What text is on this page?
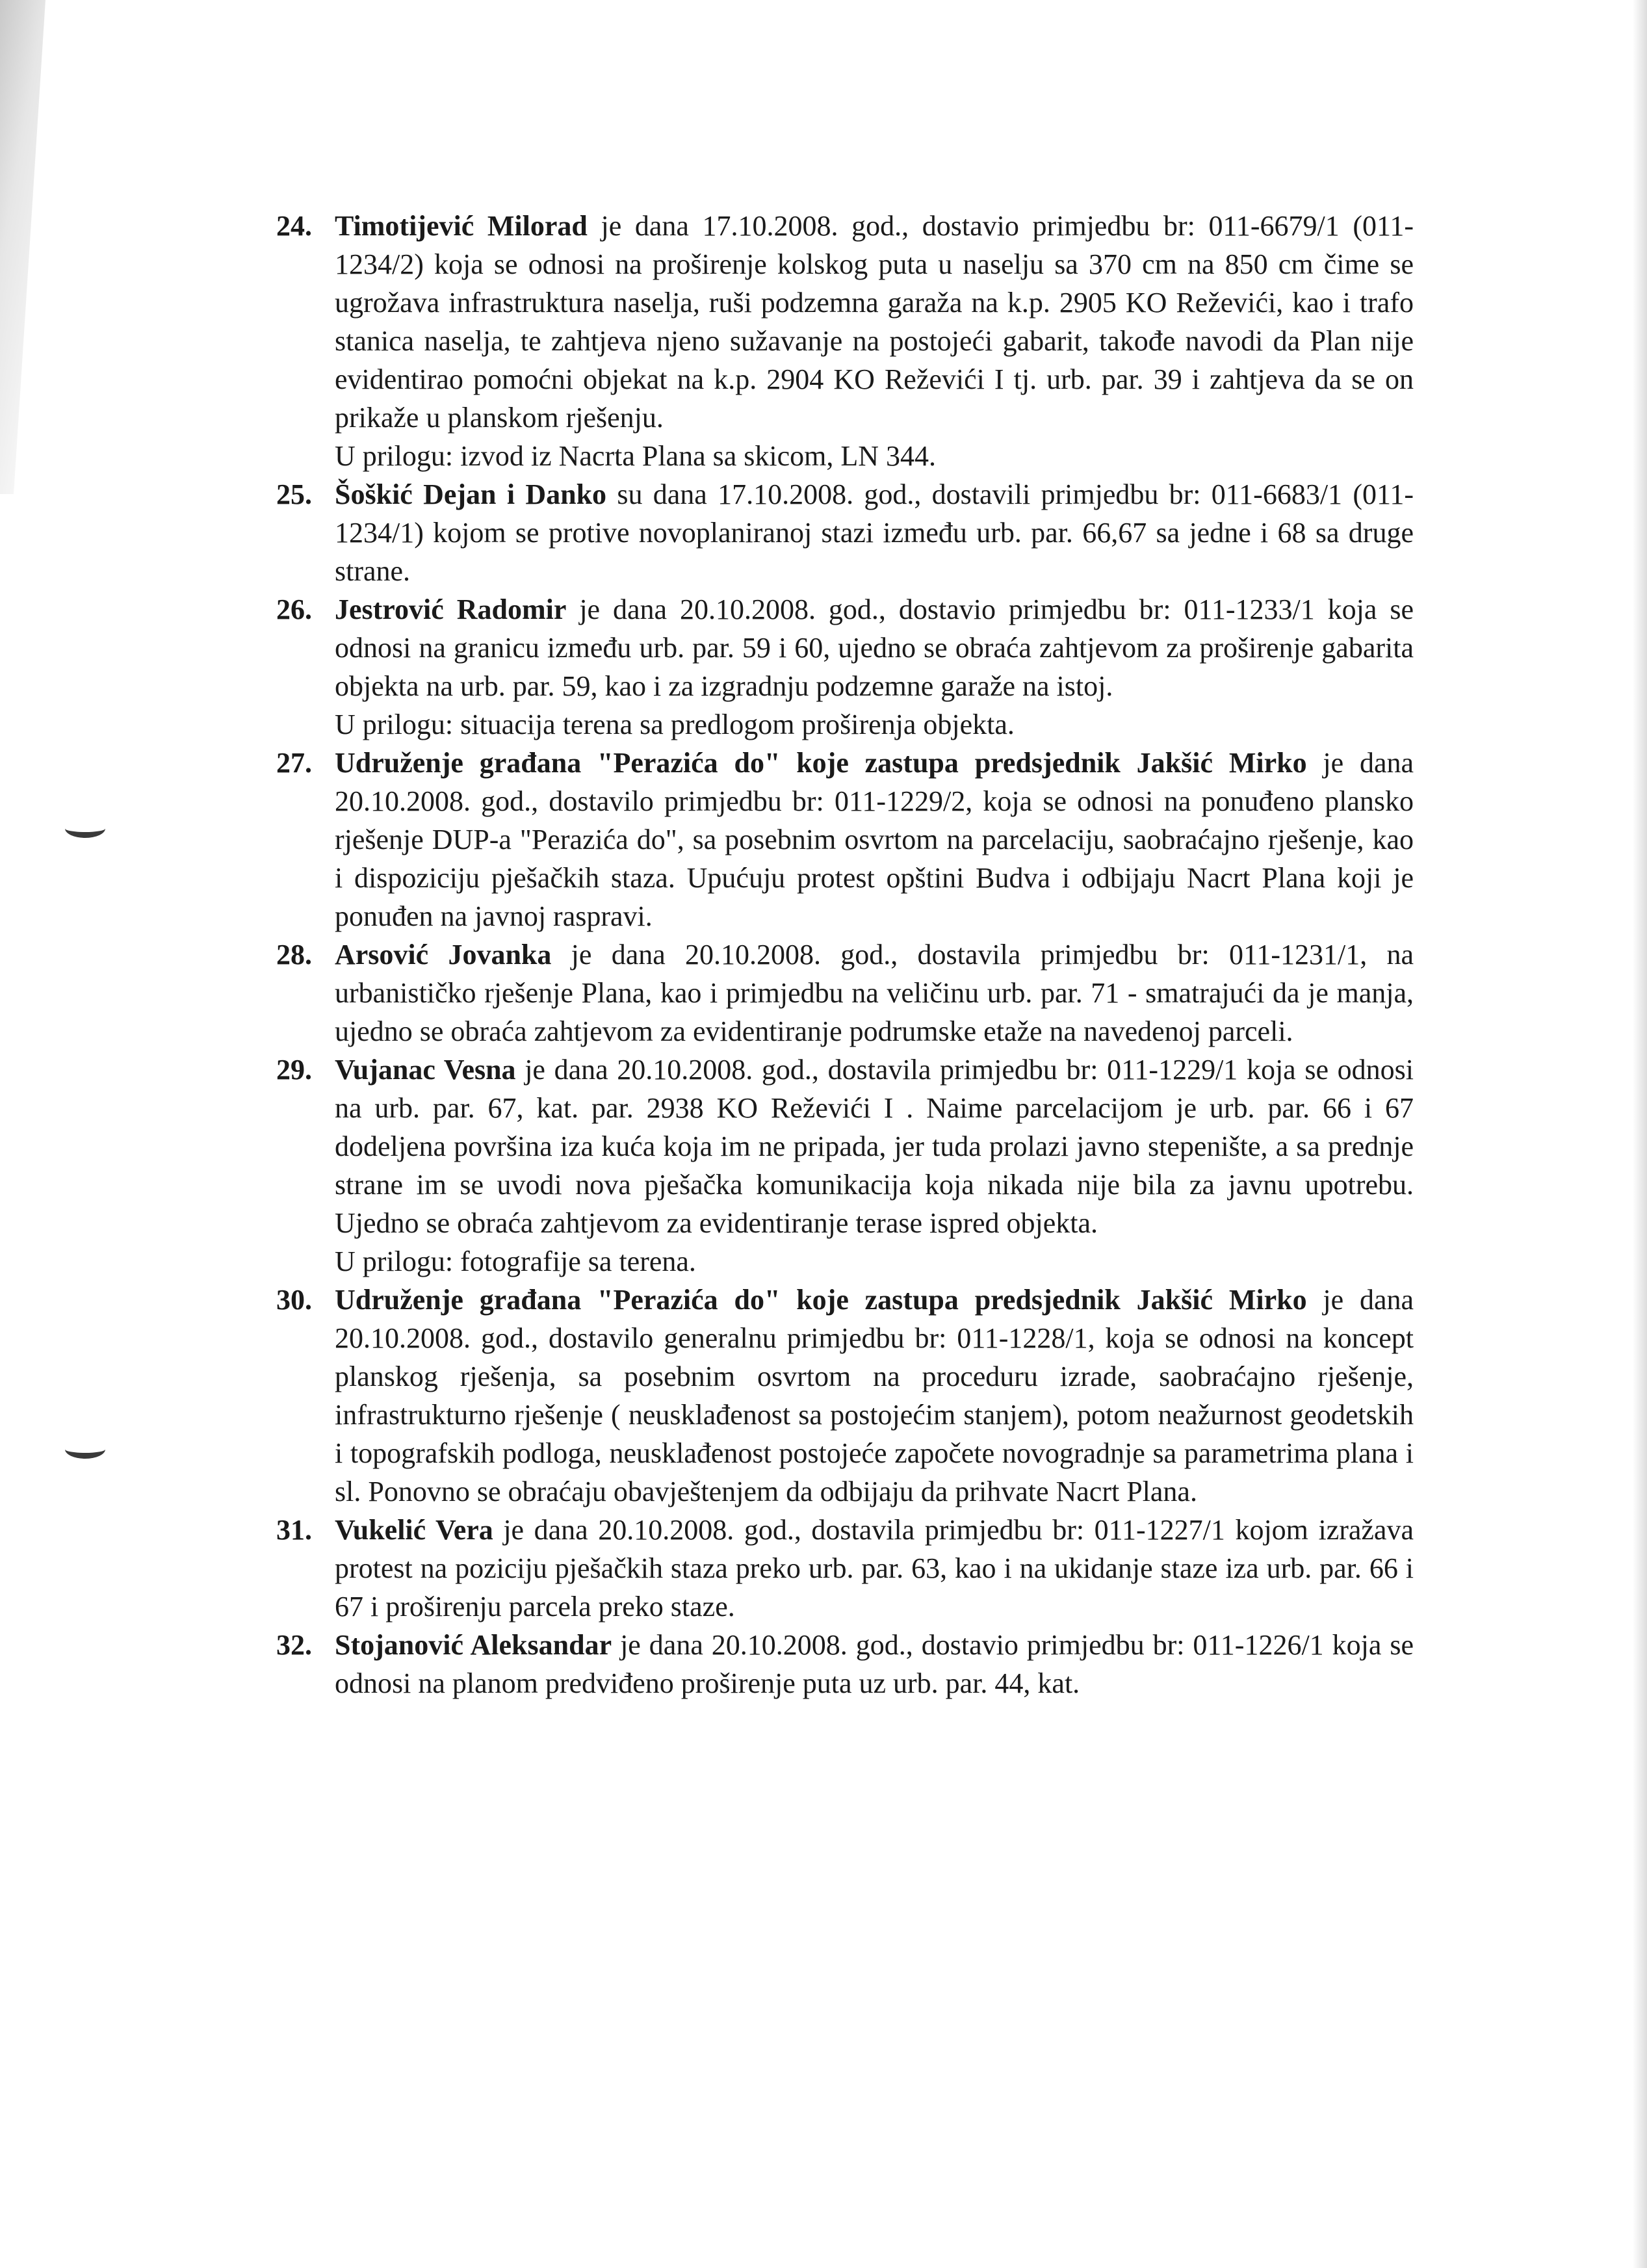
24. Timotijević Milorad je dana 17.10.2008. god., dostavio primjedbu br: 011-6679/1 (011-1234/2) koja se odnosi na proširenje kolskog puta u naselju sa 370 cm na 850 cm čime se ugrožava infrastruktura naselja, ruši podzemna garaža na k.p. 2905 KO Reževići, kao i trafo stanica naselja, te zahtjeva njeno sužavanje na postojeći gabarit, takođe navodi da Plan nije evidentirao pomoćni objekat na k.p. 2904 KO Reževići I tj. urb. par. 39 i zahtjeva da se on prikaže u planskom rješenju.
U prilogu: izvod iz Nacrta Plana sa skicom, LN 344.
25. Šoškić Dejan i Danko su dana 17.10.2008. god., dostavili primjedbu br: 011-6683/1 (011-1234/1) kojom se protive novoplaniranoj stazi između urb. par. 66,67 sa jedne i 68 sa druge strane.
26. Jestrović Radomir je dana 20.10.2008. god., dostavio primjedbu br: 011-1233/1 koja se odnosi na granicu između urb. par. 59 i 60, ujedno se obraća zahtjevom za proširenje gabarita objekta na urb. par. 59, kao i za izgradnju podzemne garaže na istoj.
U prilogu: situacija terena sa predlogom proširenja objekta.
27. Udruženje građana "Perazića do" koje zastupa predsjednik Jakšić Mirko je dana 20.10.2008. god., dostavilo primjedbu br: 011-1229/2, koja se odnosi na ponuđeno plansko rješenje DUP-a "Perazića do", sa posebnim osvrtom na parcelaciju, saobraćajno rješenje, kao i dispoziciju pješačkih staza. Upućuju protest opštini Budva i odbijaju Nacrt Plana koji je ponuđen na javnoj raspravi.
28. Arsović Jovanka je dana 20.10.2008. god., dostavila primjedbu br: 011-1231/1, na urbanističko rješenje Plana, kao i primjedbu na veličinu urb. par. 71 - smatrajući da je manja, ujedno se obraća zahtjevom za evidentiranje podrumske etaže na navedenoj parceli.
29. Vujanac Vesna je dana 20.10.2008. god., dostavila primjedbu br: 011-1229/1 koja se odnosi na urb. par. 67, kat. par. 2938 KO Reževići I . Naime parcelacijom je urb. par. 66 i 67 dodeljena površina iza kuća koja im ne pripada, jer tuda prolazi javno stepenište, a sa prednje strane im se uvodi nova pješačka komunikacija koja nikada nije bila za javnu upotrebu. Ujedno se obraća zahtjevom za evidentiranje terase ispred objekta.
U prilogu: fotografije sa terena.
30. Udruženje građana "Perazića do" koje zastupa predsjednik Jakšić Mirko je dana 20.10.2008. god., dostavilo generalnu primjedbu br: 011-1228/1, koja se odnosi na koncept planskog rješenja, sa posebnim osvrtom na proceduru izrade, saobraćajno rješenje, infrastrukturno rješenje ( neusklađenost sa postojećim stanjem), potom neažurnost geodetskih i topografskih podloga, neusklađenost postojeće započete novogradnje sa parametrima plana i sl. Ponovno se obraćaju obavještenjem da odbijaju da prihvate Nacrt Plana.
31. Vukelić Vera je dana 20.10.2008. god., dostavila primjedbu br: 011-1227/1 kojom izražava protest na poziciju pješačkih staza preko urb. par. 63, kao i na ukidanje staze iza urb. par. 66 i 67 i proširenju parcela preko staze.
32. Stojanović Aleksandar je dana 20.10.2008. god., dostavio primjedbu br: 011-1226/1 koja se odnosi na planom predviđeno proširenje puta uz urb. par. 44, kat.
